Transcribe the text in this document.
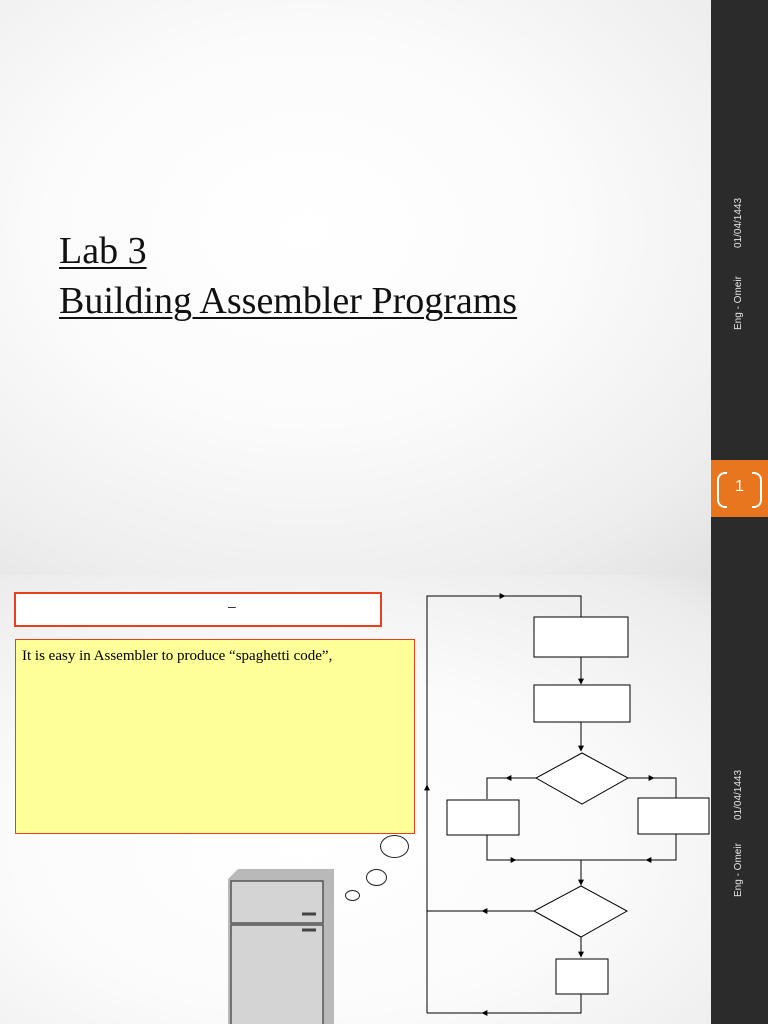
Lab 3
Building Assembler Programs
01/04/1443
Eng - Omeir
1
–

It is easy in Assembler to produce “spaghetti code”,

01/04/1443
Eng - Omeir
